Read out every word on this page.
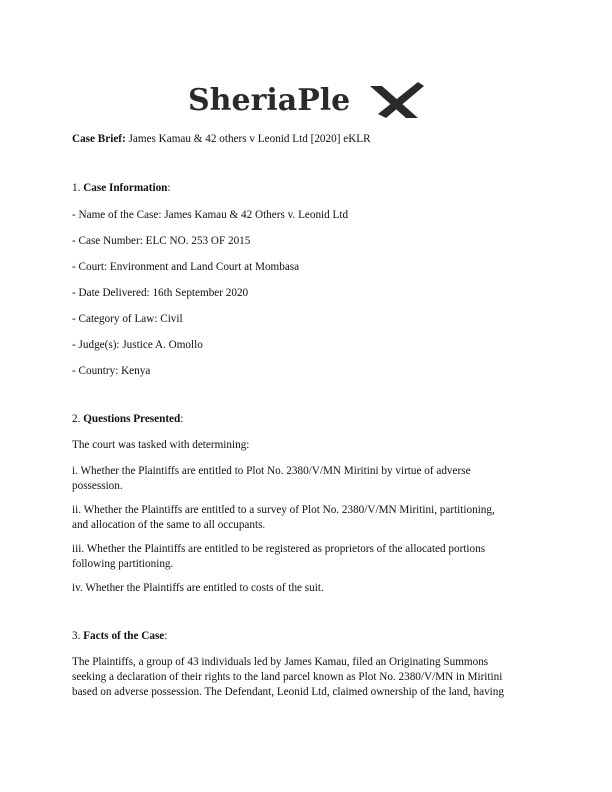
SheriaPle

Case Brief: James Kamau & 42 others v Leonid Ltd [2020] eKLR

1. Case Information:

- Name of the Case: James Kamau & 42 Others v. Leonid Ltd

- Case Number: ELC NO. 253 OF 2015

- Court: Environment and Land Court at Mombasa

- Date Delivered: 16th September 2020

- Category of Law: Civil

- Judge(s): Justice A. Omollo

- Country: Kenya

2. Questions Presented:

The court was tasked with determining:

i. Whether the Plaintiffs are entitled to Plot No. 2380/V/MN Miritini by virtue of adverse

possession.

ii. Whether the Plaintiffs are entitled to a survey of Plot No. 2380/V/MN Miritini, partitioning,

and allocation of the same to all occupants.

iii. Whether the Plaintiffs are entitled to be registered as proprietors of the allocated portions

following partitioning.

iv. Whether the Plaintiffs are entitled to costs of the suit.

3. Facts of the Case:

The Plaintiffs, a group of 43 individuals led by James Kamau, filed an Originating Summons

seeking a declaration of their rights to the land parcel known as Plot No. 2380/V/MN in Miritini

based on adverse possession. The Defendant, Leonid Ltd, claimed ownership of the land, having
